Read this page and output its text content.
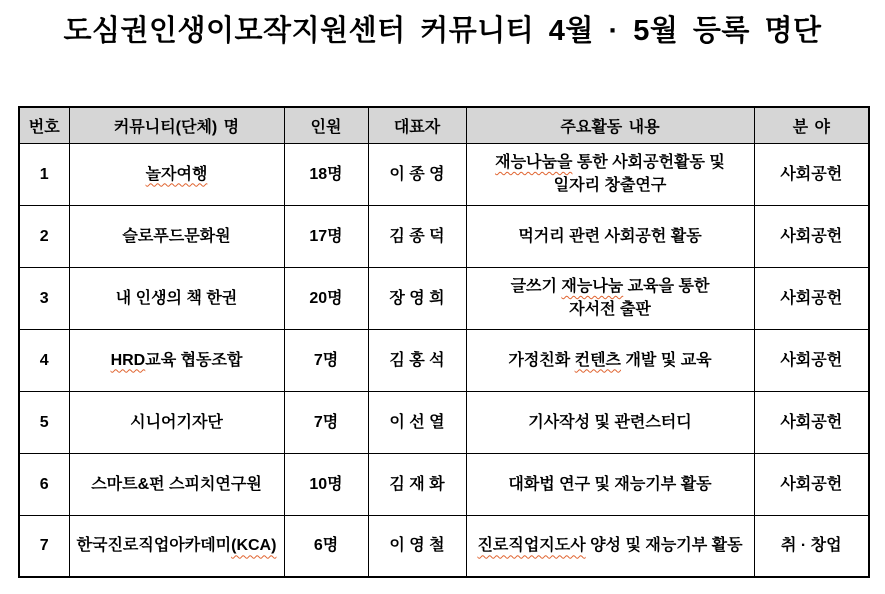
도심권인생이모작지원센터 커뮤니티 4월 · 5월 등록 명단
번호	커뮤니티(단체) 명	인원	대표자	주요활동 내용	분 야
1	놀자여행	18명	이 종 영	재능나눔을 통한 사회공헌활동 및
일자리 창출연구	사회공헌
2	슬로푸드문화원	17명	김 종 덕	먹거리 관련 사회공헌 활동	사회공헌
3	내 인생의 책 한권	20명	장 영 희	글쓰기 재능나눔 교육을 통한
자서전 출판	사회공헌
4	HRD교육 협동조합	7명	김 홍 석	가정친화 컨텐츠 개발 및 교육	사회공헌
5	시니어기자단	7명	이 선 열	기사작성 및 관련스터디	사회공헌
6	스마트&펀 스피치연구원	10명	김 재 화	대화법 연구 및 재능기부 활동	사회공헌
7	한국진로직업아카데미(KCA)	6명	이 영 철	진로직업지도사 양성 및 재능기부 활동	취 · 창업
